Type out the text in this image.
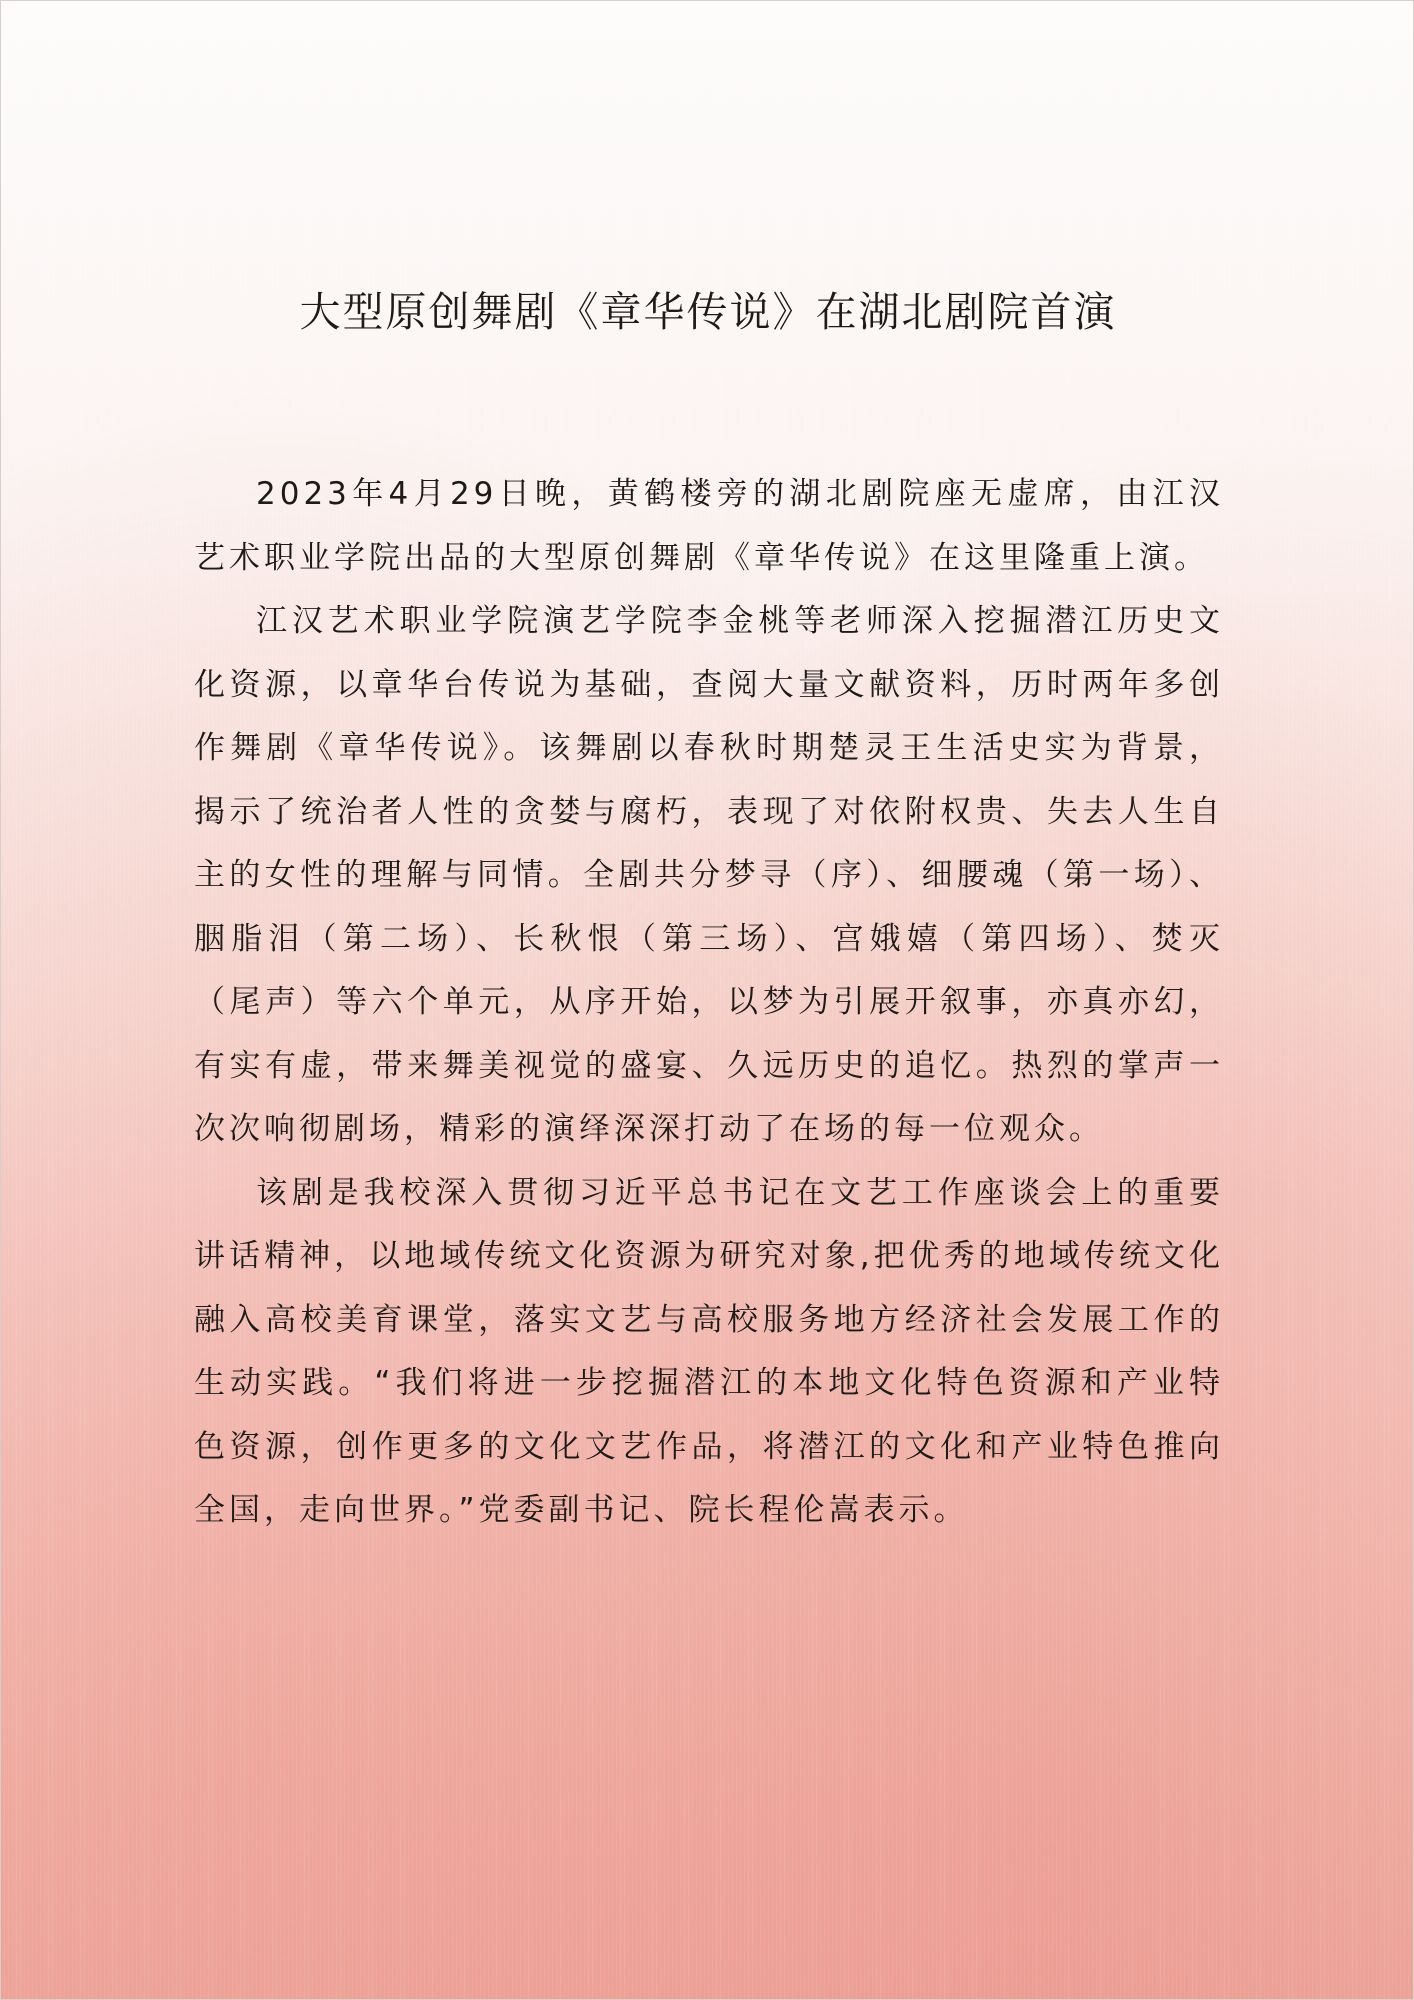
大型原创舞剧《章华传说》在湖北剧院首演

2023年4月29日晚，黄鹤楼旁的湖北剧院座无虚席，由江汉艺术职业学院出品的大型原创舞剧《章华传说》在这里隆重上演。

江汉艺术职业学院演艺学院李金桃等老师深入挖掘潜江历史文化资源，以章华台传说为基础，查阅大量文献资料，历时两年多创作舞剧《章华传说》。该舞剧以春秋时期楚灵王生活史实为背景，揭示了统治者人性的贪婪与腐朽，表现了对依附权贵、失去人生自主的女性的理解与同情。全剧共分梦寻（序）、细腰魂（第一场）、胭脂泪（第二场）、长秋恨（第三场）、宫娥嬉（第四场）、焚灭（尾声）等六个单元，从序开始，以梦为引展开叙事，亦真亦幻，有实有虚，带来舞美视觉的盛宴、久远历史的追忆。热烈的掌声一次次响彻剧场，精彩的演绎深深打动了在场的每一位观众。

该剧是我校深入贯彻习近平总书记在文艺工作座谈会上的重要讲话精神，以地域传统文化资源为研究对象,把优秀的地域传统文化融入高校美育课堂，落实文艺与高校服务地方经济社会发展工作的生动实践。“我们将进一步挖掘潜江的本地文化特色资源和产业特色资源，创作更多的文化文艺作品，将潜江的文化和产业特色推向全国，走向世界。”党委副书记、院长程伦嵩表示。
